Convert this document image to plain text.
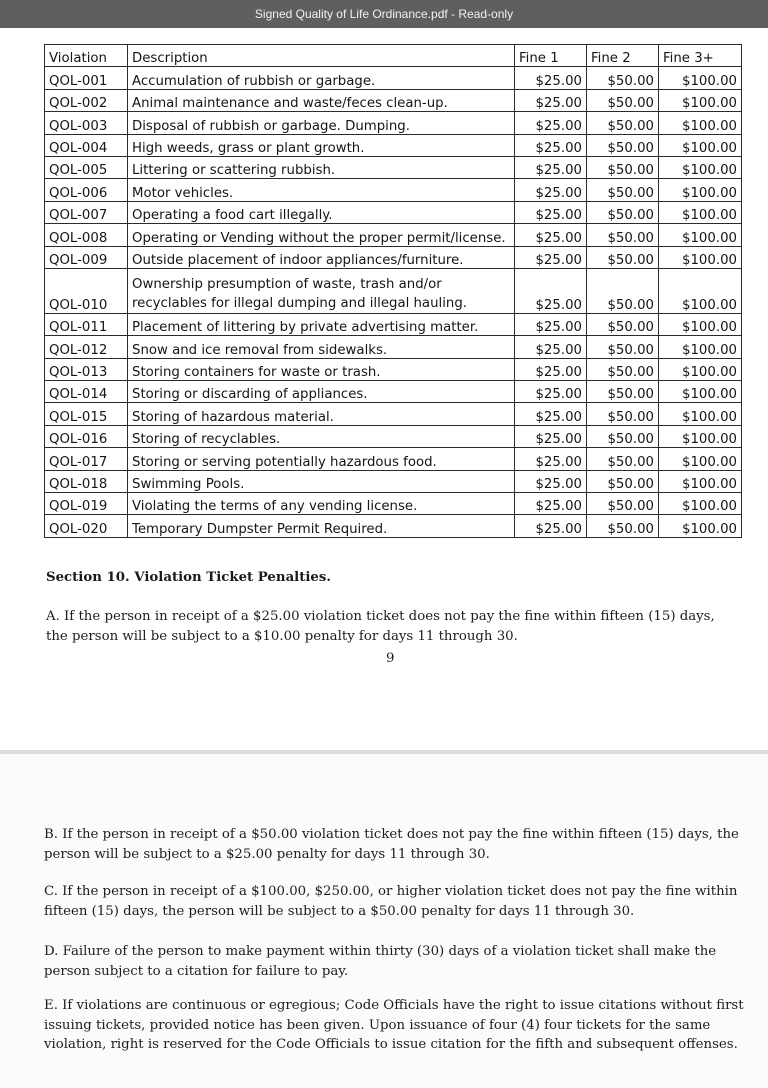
Signed Quality of Life Ordinance.pdf - Read-only
Violation	Description	Fine 1	Fine 2	Fine 3+
QOL-001	Accumulation of rubbish or garbage.	$25.00	$50.00	$100.00
QOL-002	Animal maintenance and waste/feces clean-up.	$25.00	$50.00	$100.00
QOL-003	Disposal of rubbish or garbage. Dumping.	$25.00	$50.00	$100.00
QOL-004	High weeds, grass or plant growth.	$25.00	$50.00	$100.00
QOL-005	Littering or scattering rubbish.	$25.00	$50.00	$100.00
QOL-006	Motor vehicles.	$25.00	$50.00	$100.00
QOL-007	Operating a food cart illegally.	$25.00	$50.00	$100.00
QOL-008	Operating or Vending without the proper permit/license.	$25.00	$50.00	$100.00
QOL-009	Outside placement of indoor appliances/furniture.	$25.00	$50.00	$100.00
QOL-010	Ownership presumption of waste, trash and/or recyclables for illegal dumping and illegal hauling.	$25.00	$50.00	$100.00
QOL-011	Placement of littering by private advertising matter.	$25.00	$50.00	$100.00
QOL-012	Snow and ice removal from sidewalks.	$25.00	$50.00	$100.00
QOL-013	Storing containers for waste or trash.	$25.00	$50.00	$100.00
QOL-014	Storing or discarding of appliances.	$25.00	$50.00	$100.00
QOL-015	Storing of hazardous material.	$25.00	$50.00	$100.00
QOL-016	Storing of recyclables.	$25.00	$50.00	$100.00
QOL-017	Storing or serving potentially hazardous food.	$25.00	$50.00	$100.00
QOL-018	Swimming Pools.	$25.00	$50.00	$100.00
QOL-019	Violating the terms of any vending license.	$25.00	$50.00	$100.00
QOL-020	Temporary Dumpster Permit Required.	$25.00	$50.00	$100.00
Section 10. Violation Ticket Penalties.
A. If the person in receipt of a $25.00 violation ticket does not pay the fine within fifteen (15) days, the person will be subject to a $10.00 penalty for days 11 through 30.
9
B. If the person in receipt of a $50.00 violation ticket does not pay the fine within fifteen (15) days, the person will be subject to a $25.00 penalty for days 11 through 30.
C. If the person in receipt of a $100.00, $250.00, or higher violation ticket does not pay the fine within fifteen (15) days, the person will be subject to a $50.00 penalty for days 11 through 30.
D. Failure of the person to make payment within thirty (30) days of a violation ticket shall make the person subject to a citation for failure to pay.
E. If violations are continuous or egregious; Code Officials have the right to issue citations without first issuing tickets, provided notice has been given. Upon issuance of four (4) four tickets for the same violation, right is reserved for the Code Officials to issue citation for the fifth and subsequent offenses.
